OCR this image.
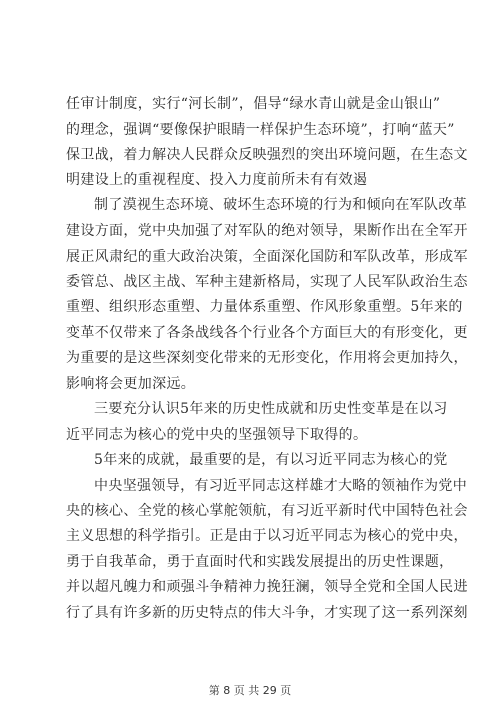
任审计制度，实行“河长制”，倡导“绿水青山就是金山银山”
的理念，强调“要像保护眼睛一样保护生态环境”，打响“蓝天”
保卫战，着力解决人民群众反映强烈的突出环境问题，在生态文
明建设上的重视程度、投入力度前所未有有效遏
制了漠视生态环境、破坏生态环境的行为和倾向在军队改革
建设方面，党中央加强了对军队的绝对领导，果断作出在全军开
展正风肃纪的重大政治决策，全面深化国防和军队改革，形成军
委管总、战区主战、军种主建新格局，实现了人民军队政治生态
重塑、组织形态重塑、力量体系重塑、作风形象重塑。5年来的
变革不仅带来了各条战线各个行业各个方面巨大的有形变化，更
为重要的是这些深刻变化带来的无形变化，作用将会更加持久，
影响将会更加深远。
三要充分认识5年来的历史性成就和历史性变革是在以习
近平同志为核心的党中央的坚强领导下取得的。
5年来的成就，最重要的是，有以习近平同志为核心的党
中央坚强领导，有习近平同志这样雄才大略的领袖作为党中
央的核心、全党的核心掌舵领航，有习近平新时代中国特色社会
主义思想的科学指引。正是由于以习近平同志为核心的党中央，
勇于自我革命，勇于直面时代和实践发展提出的历史性课题，
并以超凡魄力和顽强斗争精神力挽狂澜，领导全党和全国人民进
行了具有许多新的历史特点的伟大斗争，才实现了这一系列深刻
第 8 页 共 29 页
